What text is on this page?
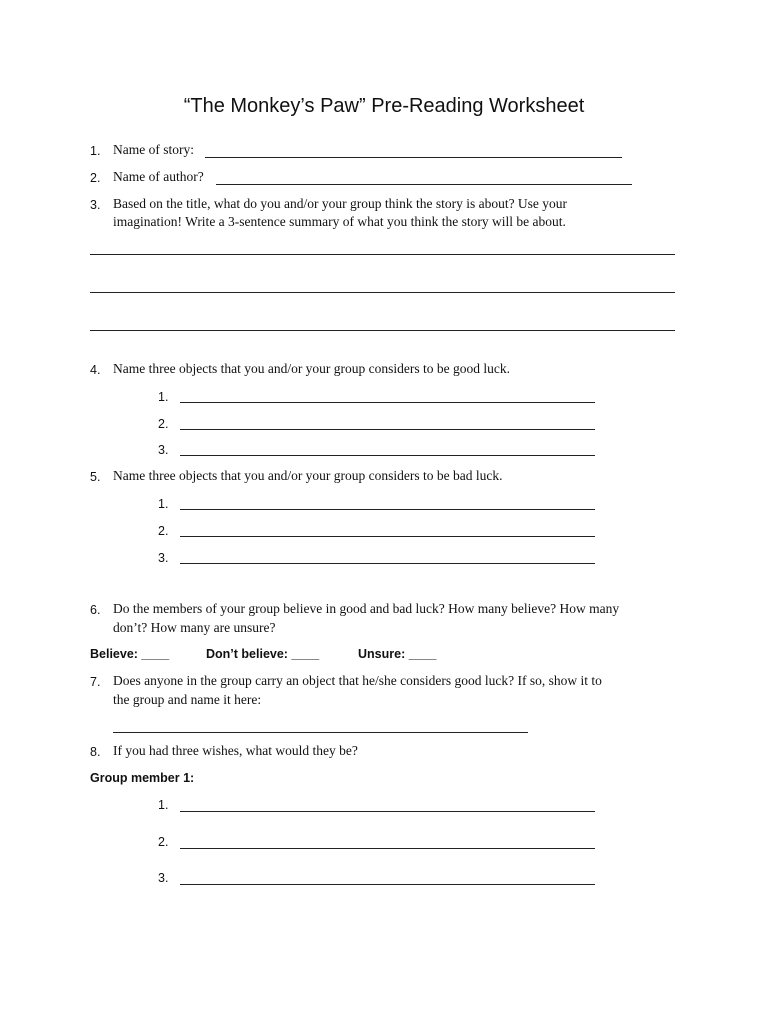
“The Monkey’s Paw” Pre-Reading Worksheet
1. Name of story:
2. Name of author?
3. Based on the title, what do you and/or your group think the story is about? Use your
imagination! Write a 3-sentence summary of what you think the story will be about.
4. Name three objects that you and/or your group considers to be good luck.
1.
2.
3.
5. Name three objects that you and/or your group considers to be bad luck.
1.
2.
3.
6. Do the members of your group believe in good and bad luck? How many believe? How many
don’t? How many are unsure?
Believe: ____	Don’t believe: ____	Unsure: ____
7. Does anyone in the group carry an object that he/she considers good luck? If so, show it to
the group and name it here:
8. If you had three wishes, what would they be?
Group member 1:
1.
2.
3.
